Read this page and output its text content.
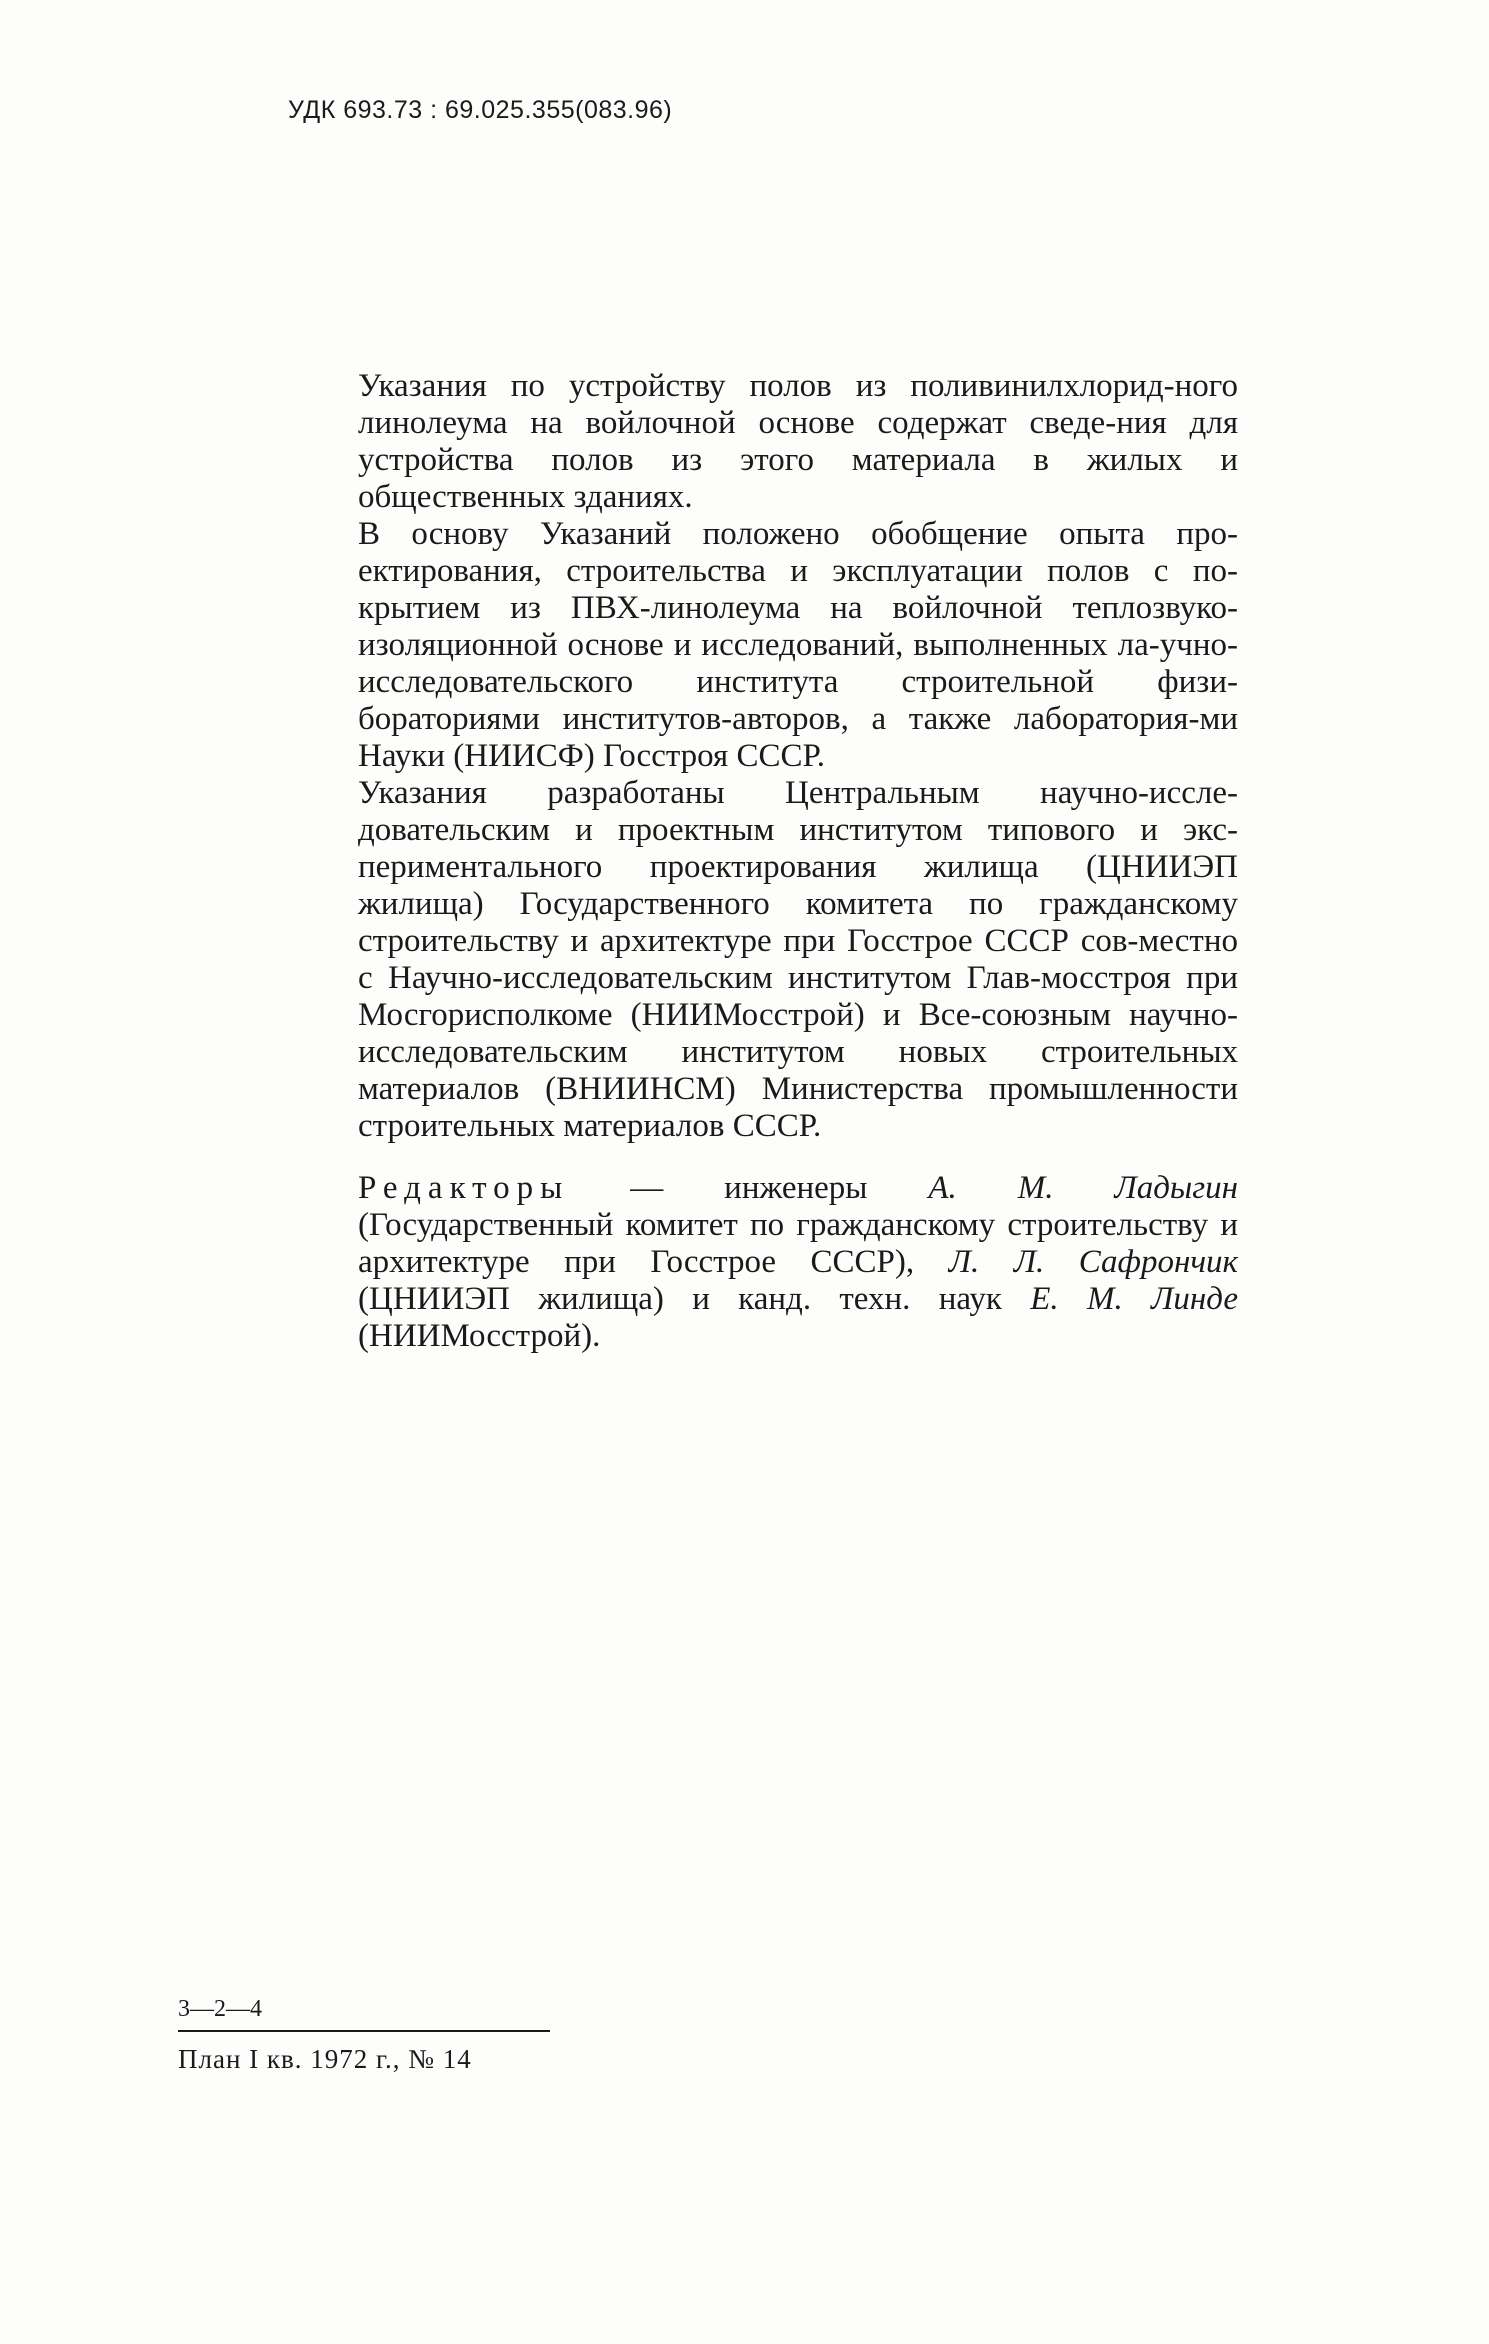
УДК 693.73 : 69.025.355(083.96)
Указания по устройству полов из поливинилхлорид-ного линолеума на войлочной основе содержат сведе-ния для устройства полов из этого материала в жилых и общественных зданиях.
В основу Указаний положено обобщение опыта про-ектирования, строительства и эксплуатации полов с по-крытием из ПВХ-линолеума на войлочной теплозвуко-изоляционной основе и исследований, выполненных ла-учно-исследовательского института строительной физи-бораториями институтов-авторов, а также лаборатория-ми Науки (НИИСФ) Госстроя СССР.
Указания разработаны Центральным научно-иссле-довательским и проектным институтом типового и экс-периментального проектирования жилища (ЦНИИЭП жилища) Государственного комитета по гражданскому строительству и архитектуре при Госстрое СССР сов-местно с Научно-исследовательским институтом Глав-мосстроя при Мосгорисполкоме (НИИМосстрой) и Все-союзным научно-исследовательским институтом новых строительных материалов (ВНИИНСМ) Министерства промышленности строительных материалов СССР.
Редакторы — инженеры А. М. Ладыгин (Государственный комитет по гражданскому строительству и архитектуре при Госстрое СССР), Л. Л. Сафрончик (ЦНИИЭП жилища) и канд. техн. наук Е. М. Линде (НИИМосстрой).
3—2—4
План I кв. 1972 г., № 14
